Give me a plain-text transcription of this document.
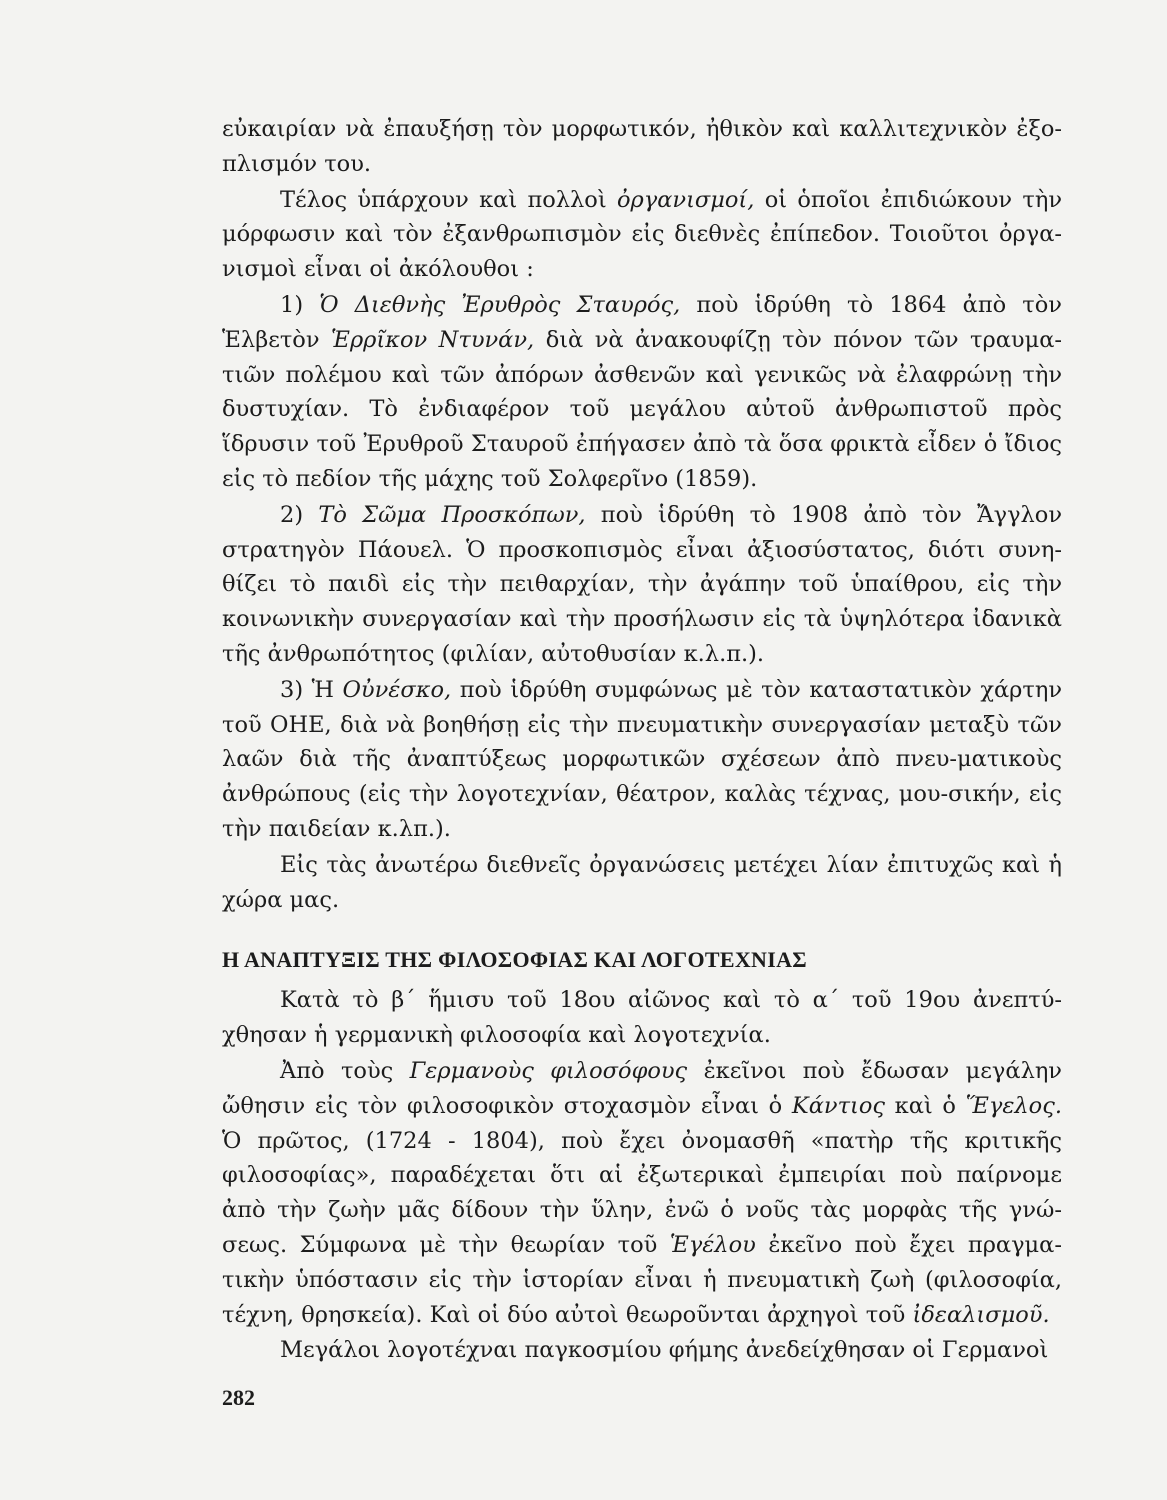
εὐκαιρίαν νὰ ἐπαυξήσῃ τὸν μορφωτικόν, ἠθικὸν καὶ καλλιτεχνικὸν ἐξο-πλισμόν του.

Τέλος ὑπάρχουν καὶ πολλοὶ ὀργανισμοί, οἱ ὁποῖοι ἐπιδιώκουν τὴν μόρφωσιν καὶ τὸν ἐξανθρωπισμὸν εἰς διεθνὲς ἐπίπεδον. Τοιοῦτοι ὀργα-νισμοὶ εἶναι οἱ ἀκόλουθοι :

1) Ὁ Διεθνὴς Ἐρυθρὸς Σταυρός, ποὺ ἱδρύθη τὸ 1864 ἀπὸ τὸν Ἑλβετὸν Ἑρρῖκον Ντυνάν, διὰ νὰ ἀνακουφίζῃ τὸν πόνον τῶν τραυμα-τιῶν πολέμου καὶ τῶν ἀπόρων ἀσθενῶν καὶ γενικῶς νὰ ἐλαφρώνῃ τὴν δυστυχίαν. Τὸ ἐνδιαφέρον τοῦ μεγάλου αὐτοῦ ἀνθρωπιστοῦ πρὸς ἵδρυσιν τοῦ Ἐρυθροῦ Σταυροῦ ἐπήγασεν ἀπὸ τὰ ὅσα φρικτὰ εἶδεν ὁ ἴδιος εἰς τὸ πεδίον τῆς μάχης τοῦ Σολφερῖνο (1859).

2) Τὸ Σῶμα Προσκόπων, ποὺ ἱδρύθη τὸ 1908 ἀπὸ τὸν Ἄγγλον στρατηγὸν Πάουελ. Ὁ προσκοπισμὸς εἶναι ἀξιοσύστατος, διότι συνη-θίζει τὸ παιδὶ εἰς τὴν πειθαρχίαν, τὴν ἀγάπην τοῦ ὑπαίθρου, εἰς τὴν κοινωνικὴν συνεργασίαν καὶ τὴν προσήλωσιν εἰς τὰ ὑψηλότερα ἰδανικὰ τῆς ἀνθρωπότητος (φιλίαν, αὐτοθυσίαν κ.λ.π.).

3) Ἡ Οὐνέσκο, ποὺ ἱδρύθη συμφώνως μὲ τὸν καταστατικὸν χάρτην τοῦ ΟΗΕ, διὰ νὰ βοηθήσῃ εἰς τὴν πνευματικὴν συνεργασίαν μεταξὺ τῶν λαῶν διὰ τῆς ἀναπτύξεως μορφωτικῶν σχέσεων ἀπὸ πνευ-ματικοὺς ἀνθρώπους (εἰς τὴν λογοτεχνίαν, θέατρον, καλὰς τέχνας, μου-σικήν, εἰς τὴν παιδείαν κ.λπ.).

Εἰς τὰς ἀνωτέρω διεθνεῖς ὀργανώσεις μετέχει λίαν ἐπιτυχῶς καὶ ἡ χώρα μας.

Η ΑΝΑΠΤΥΞΙΣ ΤΗΣ ΦΙΛΟΣΟΦΙΑΣ ΚΑΙ ΛΟΓΟΤΕΧΝΙΑΣ

Κατὰ τὸ β΄ ἥμισυ τοῦ 18ου αἰῶνος καὶ τὸ α΄ τοῦ 19ου ἀνεπτύ-χθησαν ἡ γερμανικὴ φιλοσοφία καὶ λογοτεχνία.

Ἀπὸ τοὺς Γερμανοὺς φιλοσόφους ἐκεῖνοι ποὺ ἔδωσαν μεγάλην ὤθησιν εἰς τὸν φιλοσοφικὸν στοχασμὸν εἶναι ὁ Κάντιος καὶ ὁ Ἕγελος. Ὁ πρῶτος, (1724 - 1804), ποὺ ἔχει ὀνομασθῆ «πατὴρ τῆς κριτικῆς φιλοσοφίας», παραδέχεται ὅτι αἱ ἐξωτερικαὶ ἐμπειρίαι ποὺ παίρνομε ἀπὸ τὴν ζωὴν μᾶς δίδουν τὴν ὕλην, ἐνῶ ὁ νοῦς τὰς μορφὰς τῆς γνώ-σεως. Σύμφωνα μὲ τὴν θεωρίαν τοῦ Ἑγέλου ἐκεῖνο ποὺ ἔχει πραγμα-τικὴν ὑπόστασιν εἰς τὴν ἱστορίαν εἶναι ἡ πνευματικὴ ζωὴ (φιλοσοφία, τέχνη, θρησκεία). Καὶ οἱ δύο αὐτοὶ θεωροῦνται ἀρχηγοὶ τοῦ ἰδεαλισμοῦ.

Μεγάλοι λογοτέχναι παγκοσμίου φήμης ἀνεδείχθησαν οἱ Γερμανοὶ

282
